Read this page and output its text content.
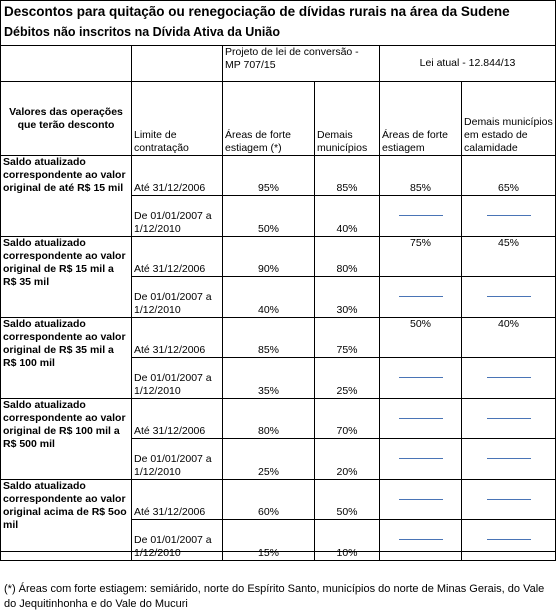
Descontos para quitação ou renegociação de dívidas rurais na área da Sudene
Débitos não inscritos na Dívida Ativa da União
		Projeto de lei de conversão - MP 707/15		Lei atual - 12.844/13	
Valores das operações que terão desconto	Limite de contratação	Áreas de forte estiagem (*)	Demais municípios	Áreas de forte estiagem	Demais municípios em estado de calamidade
Saldo atualizado correspondente ao valor original de até R$ 15 mil	Até 31/12/2006	95%	85%	85%	65%
	De 01/01/2007 a 1/12/2010	50%	40%		
Saldo atualizado correspondente ao valor original de R$ 15 mil a R$ 35 mil	Até 31/12/2006	90%	80%	75%	45%
	De 01/01/2007 a 1/12/2010	40%	30%		
Saldo atualizado correspondente ao valor original de R$ 35 mil a R$ 100 mil	Até 31/12/2006	85%	75%	50%	40%
	De 01/01/2007 a 1/12/2010	35%	25%		
Saldo atualizado correspondente ao valor original de R$ 100 mil a R$ 500 mil	Até 31/12/2006	80%	70%		
	De 01/01/2007 a 1/12/2010	25%	20%		
Saldo atualizado correspondente ao valor original acima de R$ 5oo mil	Até 31/12/2006	60%	50%		
	De 01/01/2007 a 1/12/2010	15%	10%		
(*) Áreas com forte estiagem: semiárido, norte do Espírito Santo, municípios do norte de Minas Gerais, do Vale do Jequitinhonha e do Vale do Mucuri
